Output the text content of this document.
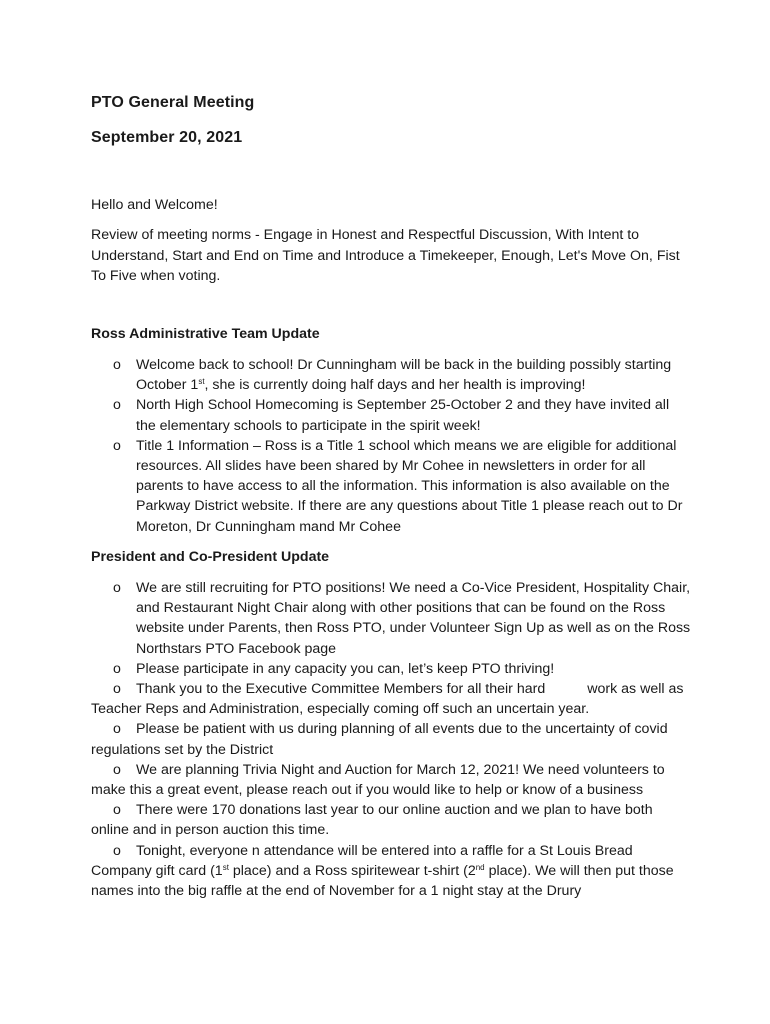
PTO General Meeting
September 20, 2021
Hello and Welcome!
Review of meeting norms - Engage in Honest and Respectful Discussion, With Intent to Understand, Start and End on Time and Introduce a Timekeeper, Enough, Let's Move On, Fist To Five when voting.
Ross Administrative Team Update
o Welcome back to school! Dr Cunningham will be back in the building possibly starting October 1st, she is currently doing half days and her health is improving!
o North High School Homecoming is September 25-October 2 and they have invited all the elementary schools to participate in the spirit week!
o Title 1 Information – Ross is a Title 1 school which means we are eligible for additional resources. All slides have been shared by Mr Cohee in newsletters in order for all parents to have access to all the information. This information is also available on the Parkway District website. If there are any questions about Title 1 please reach out to Dr Moreton, Dr Cunningham mand Mr Cohee
President and Co-President Update
o We are still recruiting for PTO positions! We need a Co-Vice President, Hospitality Chair, and Restaurant Night Chair along with other positions that can be found on the Ross website under Parents, then Ross PTO, under Volunteer Sign Up as well as on the Ross Northstars PTO Facebook page
o Please participate in any capacity you can, let’s keep PTO thriving!
o Thank you to the Executive Committee Members for all their hard	work as well as Teacher Reps and Administration, especially coming off such an uncertain year.
o Please be patient with us during planning of all events due to the uncertainty of covid regulations set by the District
o We are planning Trivia Night and Auction for March 12, 2021! We need volunteers to make this a great event, please reach out if you would like to help or know of a business
o There were 170 donations last year to our online auction and we plan to have both online and in person auction this time.
o Tonight, everyone n attendance will be entered into a raffle for a St Louis Bread Company gift card (1st place) and a Ross spiritewear t-shirt (2nd place). We will then put those names into the big raffle at the end of November for a 1 night stay at the Drury
